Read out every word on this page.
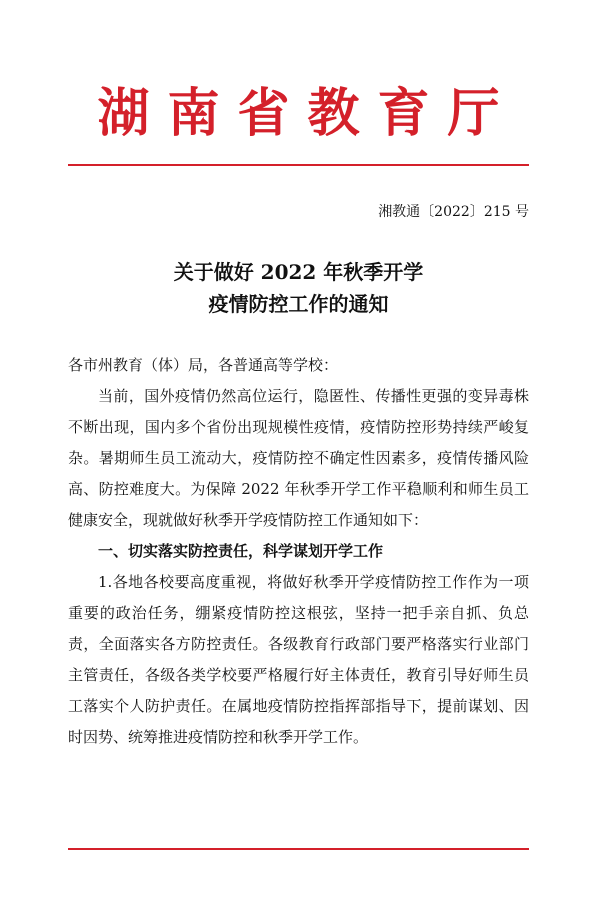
湖南省教育厅
湘教通〔2022〕215 号
关于做好 2022 年秋季开学
疫情防控工作的通知
各市州教育（体）局，各普通高等学校：

当前，国外疫情仍然高位运行，隐匿性、传播性更强的变异毒株不断出现，国内多个省份出现规模性疫情，疫情防控形势持续严峻复杂。暑期师生员工流动大，疫情防控不确定性因素多，疫情传播风险高、防控难度大。为保障 2022 年秋季开学工作平稳顺利和师生员工健康安全，现就做好秋季开学疫情防控工作通知如下：

一、切实落实防控责任，科学谋划开学工作

1.各地各校要高度重视，将做好秋季开学疫情防控工作作为一项重要的政治任务，绷紧疫情防控这根弦，坚持一把手亲自抓、负总责，全面落实各方防控责任。各级教育行政部门要严格落实行业部门主管责任，各级各类学校要严格履行好主体责任，教育引导好师生员工落实个人防护责任。在属地疫情防控指挥部指导下，提前谋划、因时因势、统筹推进疫情防控和秋季开学工作。
